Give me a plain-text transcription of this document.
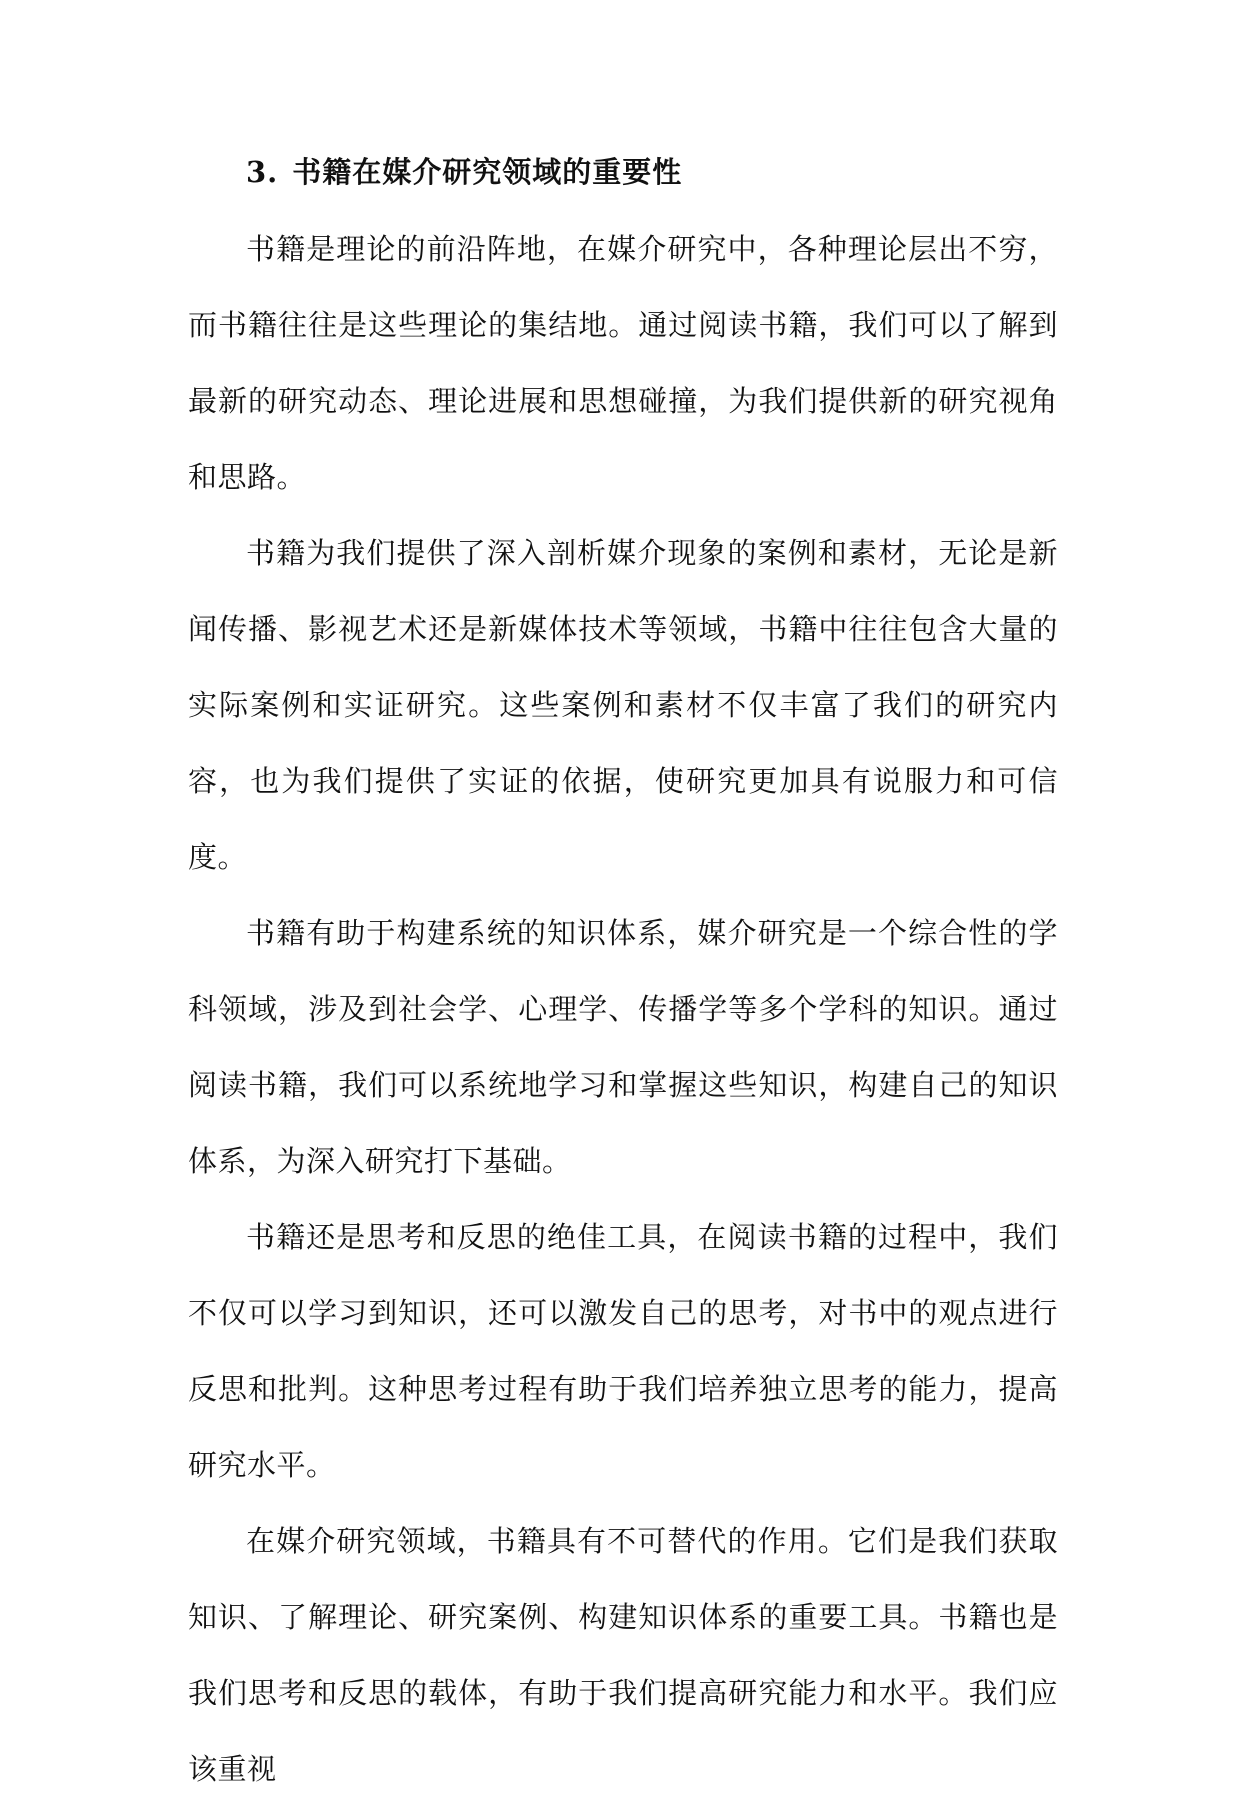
3. 书籍在媒介研究领域的重要性

书籍是理论的前沿阵地，在媒介研究中，各种理论层出不穷，而书籍往往是这些理论的集结地。通过阅读书籍，我们可以了解到最新的研究动态、理论进展和思想碰撞，为我们提供新的研究视角和思路。

书籍为我们提供了深入剖析媒介现象的案例和素材，无论是新闻传播、影视艺术还是新媒体技术等领域，书籍中往往包含大量的实际案例和实证研究。这些案例和素材不仅丰富了我们的研究内容，也为我们提供了实证的依据，使研究更加具有说服力和可信度。

书籍有助于构建系统的知识体系，媒介研究是一个综合性的学科领域，涉及到社会学、心理学、传播学等多个学科的知识。通过阅读书籍，我们可以系统地学习和掌握这些知识，构建自己的知识体系，为深入研究打下基础。

书籍还是思考和反思的绝佳工具，在阅读书籍的过程中，我们不仅可以学习到知识，还可以激发自己的思考，对书中的观点进行反思和批判。这种思考过程有助于我们培养独立思考的能力，提高研究水平。

在媒介研究领域，书籍具有不可替代的作用。它们是我们获取知识、了解理论、研究案例、构建知识体系的重要工具。书籍也是我们思考和反思的载体，有助于我们提高研究能力和水平。我们应该重视
